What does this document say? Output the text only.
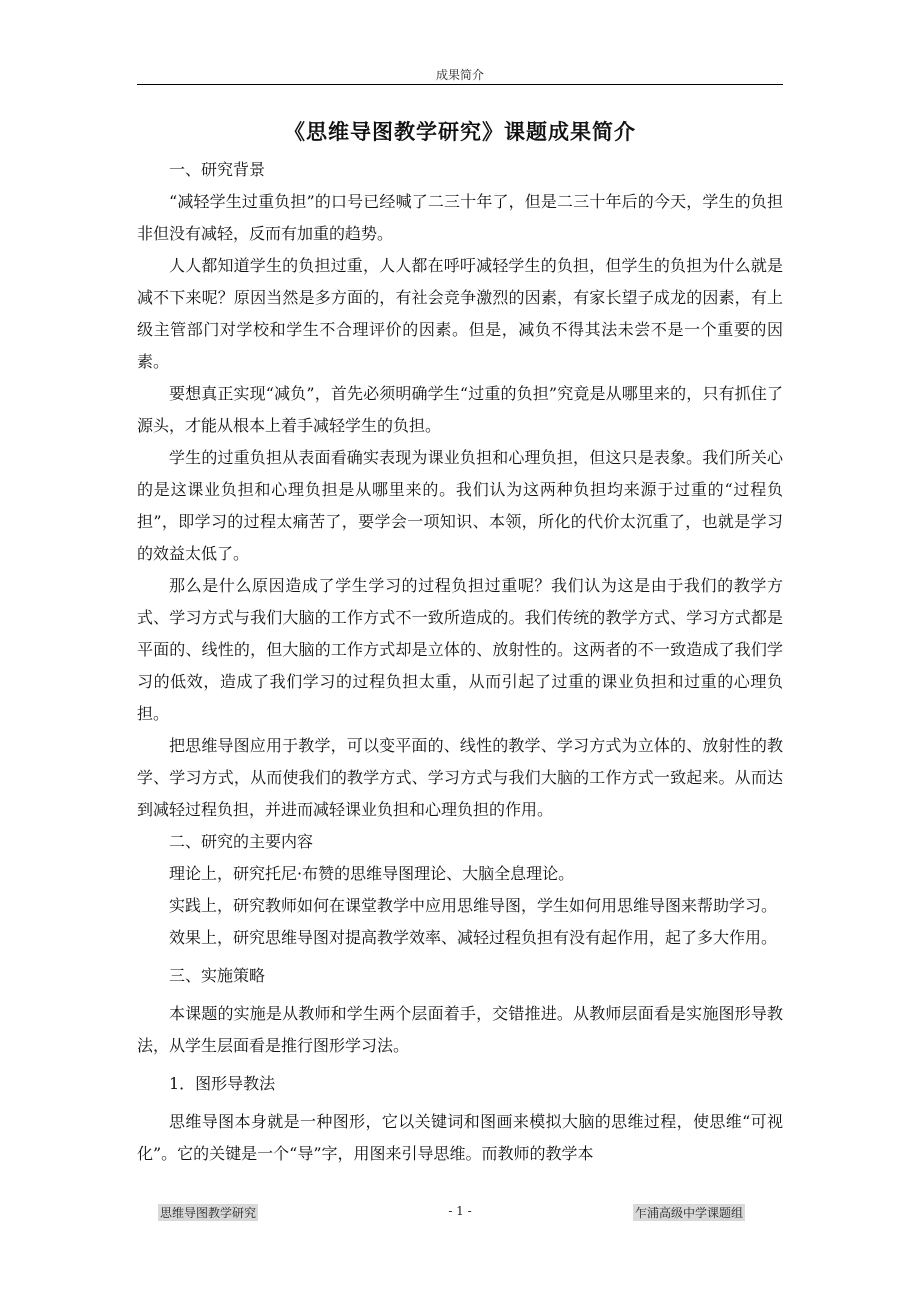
成果简介
《思维导图教学研究》课题成果简介

一、研究背景

“减轻学生过重负担”的口号已经喊了二三十年了，但是二三十年后的今天，学生的负担非但没有减轻，反而有加重的趋势。

人人都知道学生的负担过重，人人都在呼吁减轻学生的负担，但学生的负担为什么就是减不下来呢？原因当然是多方面的，有社会竞争激烈的因素，有家长望子成龙的因素，有上级主管部门对学校和学生不合理评价的因素。但是，减负不得其法未尝不是一个重要的因素。

要想真正实现“减负”，首先必须明确学生“过重的负担”究竟是从哪里来的，只有抓住了源头，才能从根本上着手减轻学生的负担。

学生的过重负担从表面看确实表现为课业负担和心理负担，但这只是表象。我们所关心的是这课业负担和心理负担是从哪里来的。我们认为这两种负担均来源于过重的“过程负担”，即学习的过程太痛苦了，要学会一项知识、本领，所化的代价太沉重了，也就是学习的效益太低了。

那么是什么原因造成了学生学习的过程负担过重呢？我们认为这是由于我们的教学方式、学习方式与我们大脑的工作方式不一致所造成的。我们传统的教学方式、学习方式都是平面的、线性的，但大脑的工作方式却是立体的、放射性的。这两者的不一致造成了我们学习的低效，造成了我们学习的过程负担太重，从而引起了过重的课业负担和过重的心理负担。

把思维导图应用于教学，可以变平面的、线性的教学、学习方式为立体的、放射性的教学、学习方式，从而使我们的教学方式、学习方式与我们大脑的工作方式一致起来。从而达到减轻过程负担，并进而减轻课业负担和心理负担的作用。

二、研究的主要内容

理论上，研究托尼·布赞的思维导图理论、大脑全息理论。

实践上，研究教师如何在课堂教学中应用思维导图，学生如何用思维导图来帮助学习。

效果上，研究思维导图对提高教学效率、减轻过程负担有没有起作用，起了多大作用。

三、实施策略

本课题的实施是从教师和学生两个层面着手，交错推进。从教师层面看是实施图形导教法，从学生层面看是推行图形学习法。

1．图形导教法

思维导图本身就是一种图形，它以关键词和图画来模拟大脑的思维过程，使思维“可视化”。它的关键是一个“导”字，用图来引导思维。而教师的教学本

思维导图教学研究	- 1 -	乍浦高级中学课题组
